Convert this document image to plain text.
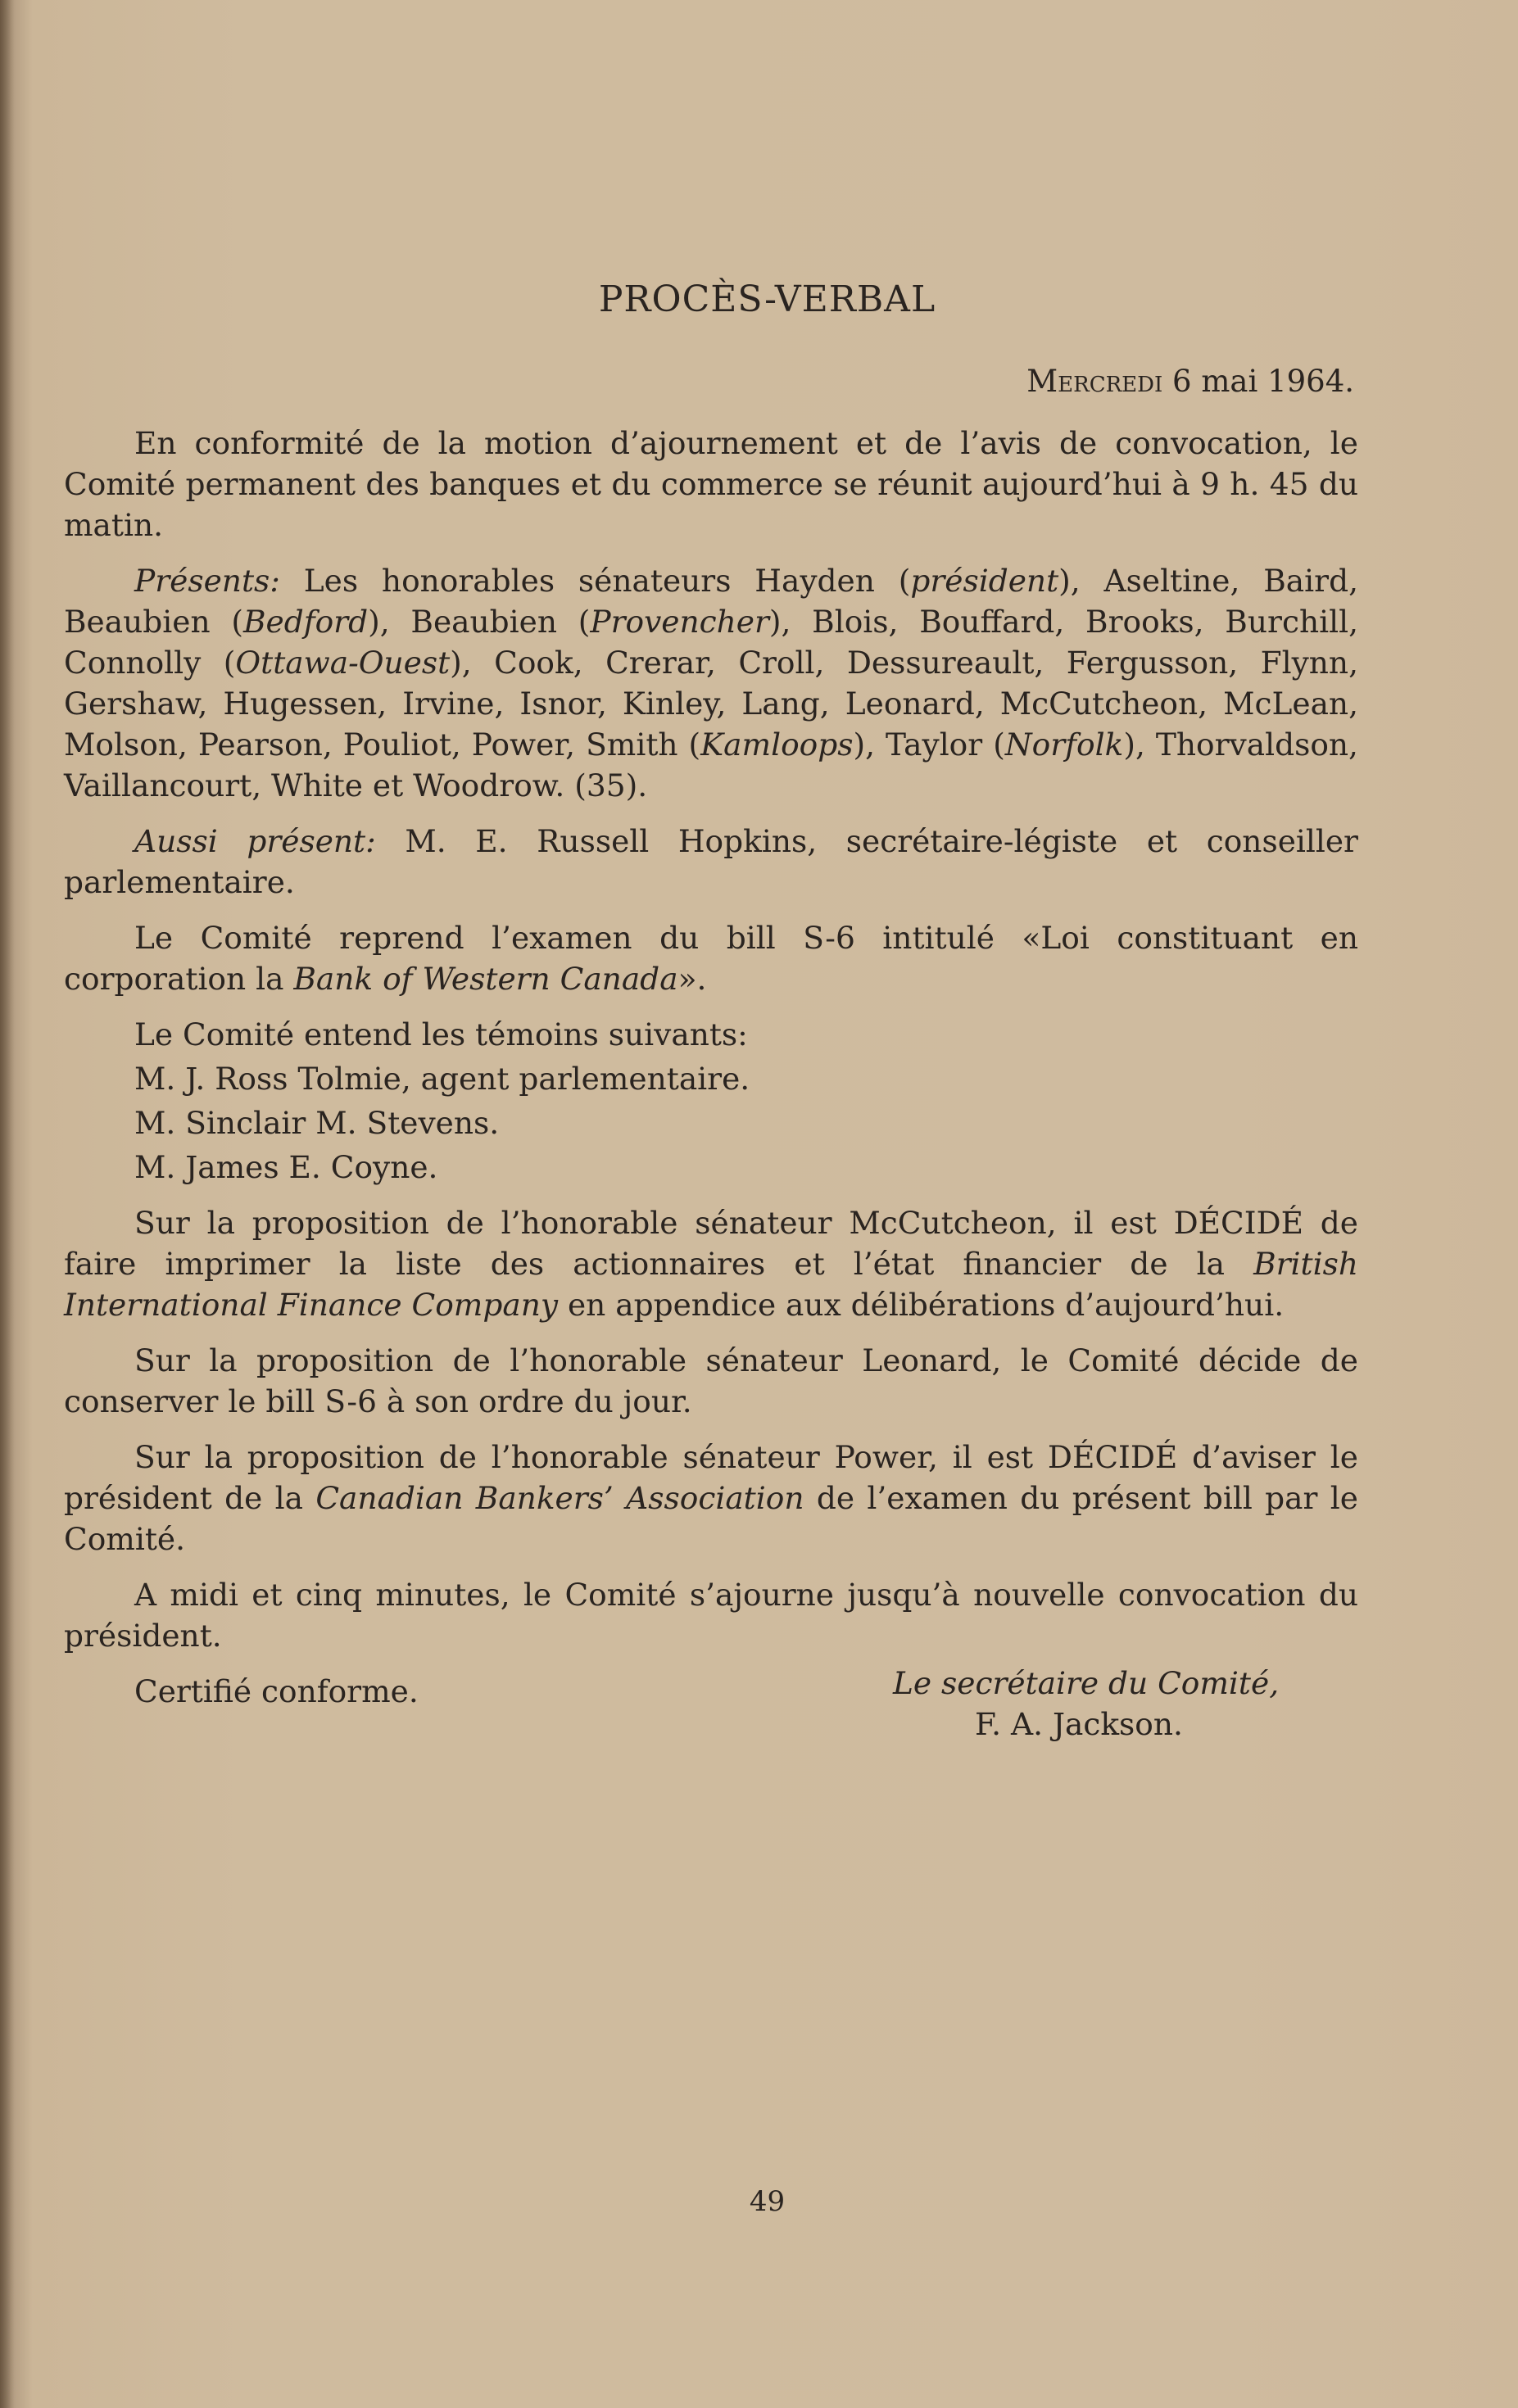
PROCÈS-VERBAL
Mercredi 6 mai 1964.

En conformité de la motion d’ajournement et de l’avis de convocation, le Comité permanent des banques et du commerce se réunit aujourd’hui à 9 h. 45 du matin.

Présents: Les honorables sénateurs Hayden (président), Aseltine, Baird, Beaubien (Bedford), Beaubien (Provencher), Blois, Bouffard, Brooks, Burchill, Connolly (Ottawa-Ouest), Cook, Crerar, Croll, Dessureault, Fergusson, Flynn, Gershaw, Hugessen, Irvine, Isnor, Kinley, Lang, Leonard, McCutcheon, McLean, Molson, Pearson, Pouliot, Power, Smith (Kamloops), Taylor (Norfolk), Thorvaldson, Vaillancourt, White et Woodrow. (35).

Aussi présent: M. E. Russell Hopkins, secrétaire-légiste et conseiller parlementaire.

Le Comité reprend l’examen du bill S-6 intitulé «Loi constituant en corporation la Bank of Western Canada».

Le Comité entend les témoins suivants:

M. J. Ross Tolmie, agent parlementaire.

M. Sinclair M. Stevens.

M. James E. Coyne.

Sur la proposition de l’honorable sénateur McCutcheon, il est DÉCIDÉ de faire imprimer la liste des actionnaires et l’état financier de la British International Finance Company en appendice aux délibérations d’aujourd’hui.

Sur la proposition de l’honorable sénateur Leonard, le Comité décide de conserver le bill S-6 à son ordre du jour.

Sur la proposition de l’honorable sénateur Power, il est DÉCIDÉ d’aviser le président de la Canadian Bankers’ Association de l’examen du présent bill par le Comité.

A midi et cinq minutes, le Comité s’ajourne jusqu’à nouvelle convocation du président.

Certifié conforme.	Le secrétaire du Comité,
F. A. Jackson.
49
